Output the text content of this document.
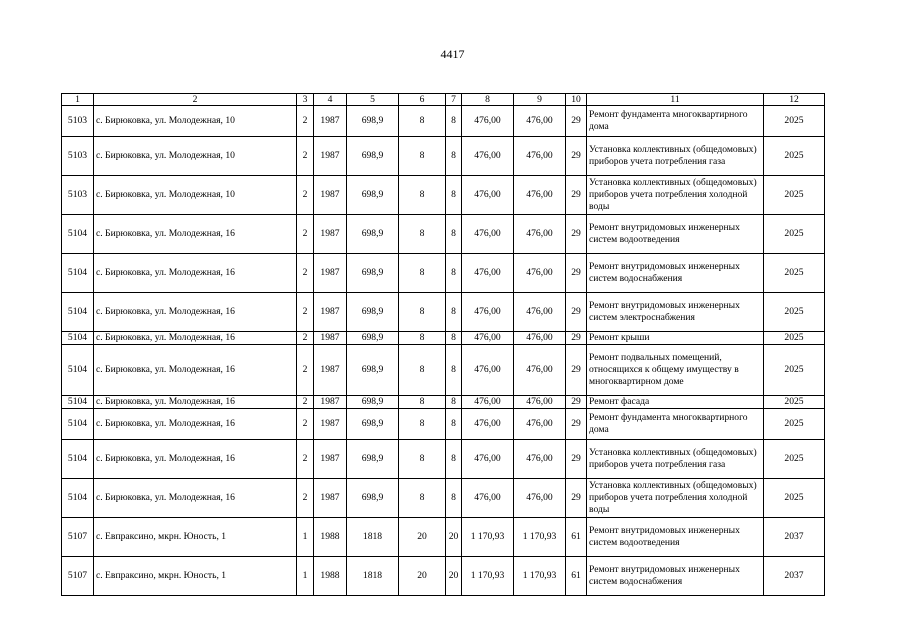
4417
1	2	3	4	5	6	7	8	9	10	11	12
5103	с. Бирюковка, ул. Молодежная, 10	2	1987	698,9	8	8	476,00	476,00	29	Ремонт фундамента многоквартирного дома	2025
5103	с. Бирюковка, ул. Молодежная, 10	2	1987	698,9	8	8	476,00	476,00	29	Установка коллективных (общедомовых) приборов учета потребления газа	2025
5103	с. Бирюковка, ул. Молодежная, 10	2	1987	698,9	8	8	476,00	476,00	29	Установка коллективных (общедомовых) приборов учета потребления холодной воды	2025
5104	с. Бирюковка, ул. Молодежная, 16	2	1987	698,9	8	8	476,00	476,00	29	Ремонт внутридомовых инженерных систем водоотведения	2025
5104	с. Бирюковка, ул. Молодежная, 16	2	1987	698,9	8	8	476,00	476,00	29	Ремонт внутридомовых инженерных систем водоснабжения	2025
5104	с. Бирюковка, ул. Молодежная, 16	2	1987	698,9	8	8	476,00	476,00	29	Ремонт внутридомовых инженерных систем электроснабжения	2025
5104	с. Бирюковка, ул. Молодежная, 16	2	1987	698,9	8	8	476,00	476,00	29	Ремонт крыши	2025
5104	с. Бирюковка, ул. Молодежная, 16	2	1987	698,9	8	8	476,00	476,00	29	Ремонт подвальных помещений, относящихся к общему имуществу в многоквартирном доме	2025
5104	с. Бирюковка, ул. Молодежная, 16	2	1987	698,9	8	8	476,00	476,00	29	Ремонт фасада	2025
5104	с. Бирюковка, ул. Молодежная, 16	2	1987	698,9	8	8	476,00	476,00	29	Ремонт фундамента многоквартирного дома	2025
5104	с. Бирюковка, ул. Молодежная, 16	2	1987	698,9	8	8	476,00	476,00	29	Установка коллективных (общедомовых) приборов учета потребления газа	2025
5104	с. Бирюковка, ул. Молодежная, 16	2	1987	698,9	8	8	476,00	476,00	29	Установка коллективных (общедомовых) приборов учета потребления холодной воды	2025
5107	с. Евпраксино, мкрн. Юность, 1	1	1988	1818	20	20	1 170,93	1 170,93	61	Ремонт внутридомовых инженерных систем водоотведения	2037
5107	с. Евпраксино, мкрн. Юность, 1	1	1988	1818	20	20	1 170,93	1 170,93	61	Ремонт внутридомовых инженерных систем водоснабжения	2037
